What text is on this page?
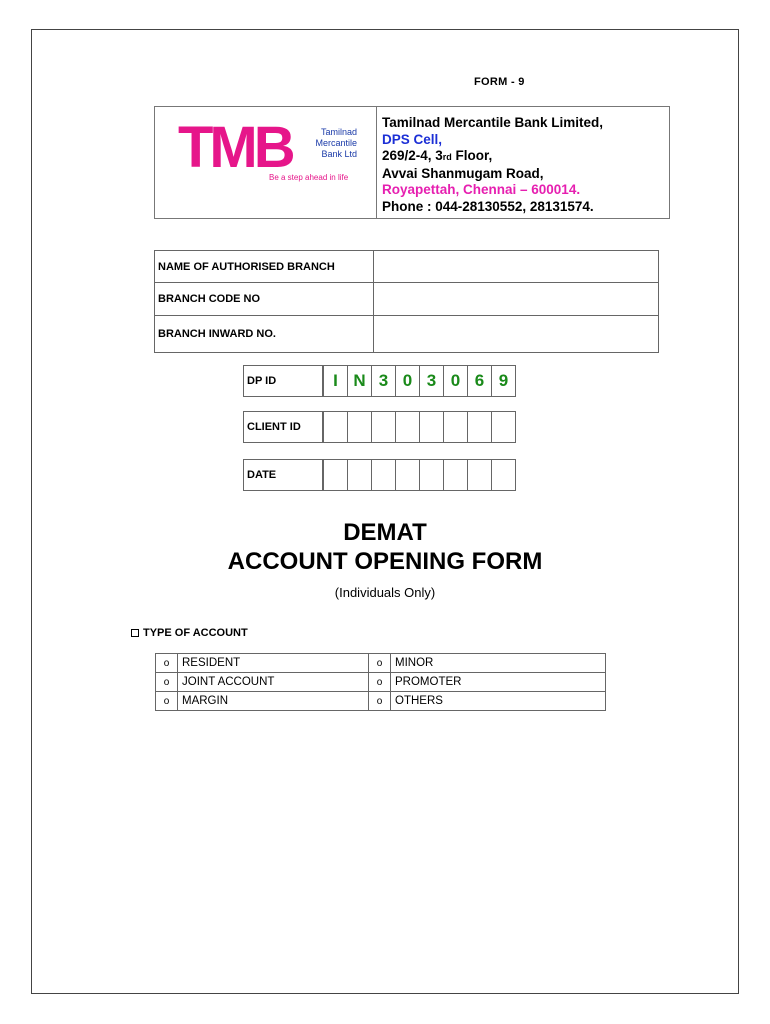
FORM - 9
TMB	Tamilnad
Mercantile
Bank Ltd
Be a step ahead in life
Tamilnad Mercantile Bank Limited,
DPS Cell,
269/2-4, 3rd Floor,
Avvai Shanmugam Road,
Royapettah, Chennai – 600014.
Phone : 044-28130552, 28131574.
NAME OF AUTHORISED BRANCH	
BRANCH CODE NO	
BRANCH INWARD NO.	
DP ID	I N 3 0 3 0 6 9
CLIENT ID
DATE
DEMAT
ACCOUNT OPENING FORM
(Individuals Only)
TYPE OF ACCOUNT
o	RESIDENT	o	MINOR
o	JOINT ACCOUNT	o	PROMOTER
o	MARGIN	o	OTHERS
